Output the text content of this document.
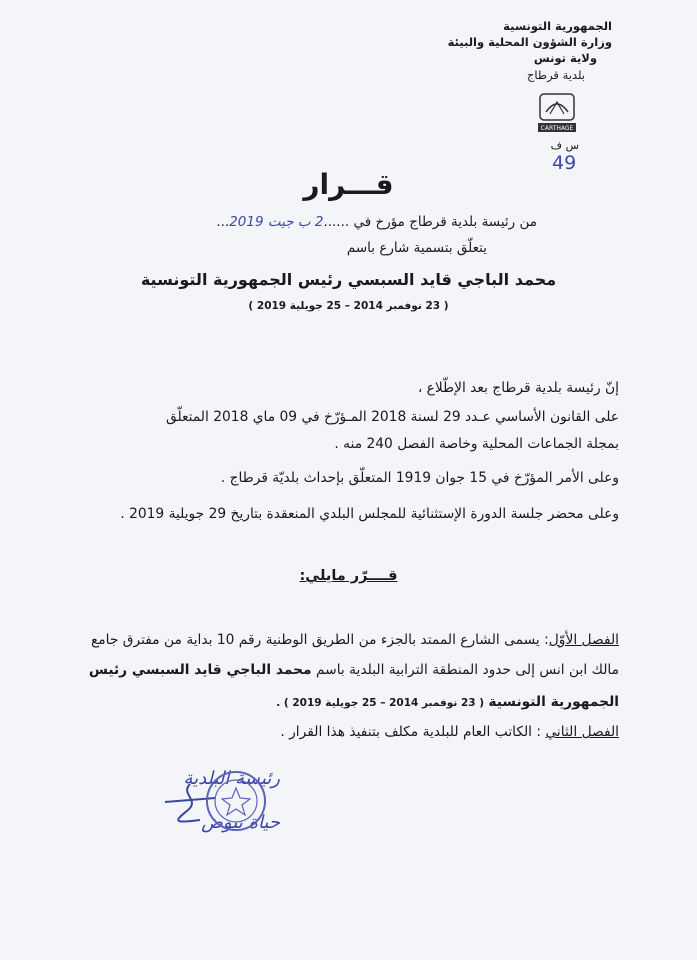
الجمهورية التونسية
وزارة الشؤون المحلية والبيئة
ولاية تونس
بلدية قرطاج
CARTHAGE
س ف
49
قـــرار
من رئيسة بلدية قرطاج مؤرخ في ......2 ب جيت 2019...
يتعلّق بتسمية شارع باسم
محمد الباجي قايد السبسي رئيس الجمهورية التونسية
( 23 نوفمبر 2014 – 25 جويلية 2019 )
إنّ رئيسة بلدية قرطاج بعد الإطّلاع ،
على القانون الأساسي عـدد 29 لسنة 2018 المـؤرّخ في 09 ماي 2018 المتعلّق
بمجلة الجماعات المحلية وخاصة الفصل 240 منه .
وعلى الأمر المؤرّخ في 15 جوان 1919 المتعلّق بإحداث بلديّة قرطاج .
وعلى محضر جلسة الدورة الإستثنائية للمجلس البلدي المنعقدة بتاريخ 29 جويلية 2019 .
قــــرّر مايلي:
الفصل الأوّل: يسمى الشارع الممتد بالجزء من الطريق الوطنية رقم 10 بداية من مفترق جامع
مالك ابن انس إلى حدود المنطقة الترابية البلدية باسم محمد الباجي قايد السبسي رئيس
الجمهورية التونسية ( 23 نوفمبر 2014 – 25 جويلية 2019 ) .
الفصل الثاني : الكاتب العام للبلدية مكلف بتنفيذ هذا القرار .
رئيسة البلدية
حياة بيوض
